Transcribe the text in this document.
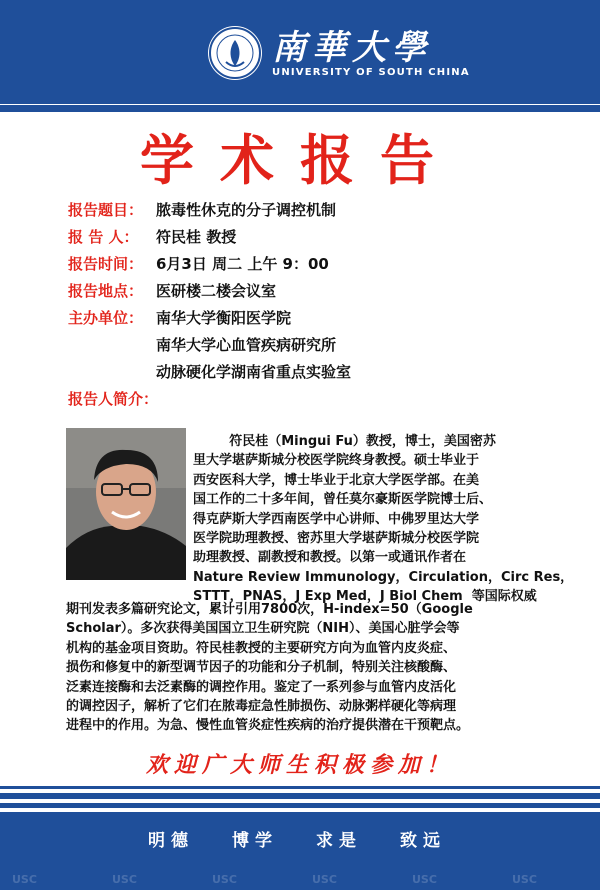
南華大學
UNIVERSITY OF SOUTH CHINA
学术报告
报告题目： 脓毒性休克的分子调控机制
报 告 人： 符民桂 教授
报告时间： 6月3日 周二 上午 9：00
报告地点： 医研楼二楼会议室
主办单位： 南华大学衡阳医学院
南华大学心血管疾病研究所
动脉硬化学湖南省重点实验室
报告人简介：
符民桂（Mingui Fu）教授，博士，美国密苏
里大学堪萨斯城分校医学院终身教授。硕士毕业于
西安医科大学，博士毕业于北京大学医学部。在美
国工作的二十多年间，曾任莫尔豪斯医学院博士后、
得克萨斯大学西南医学中心讲师、中佛罗里达大学
医学院助理教授、密苏里大学堪萨斯城分校医学院
助理教授、副教授和教授。以第一或通讯作者在
Nature Review Immunology，Circulation，Circ Res，
STTT，PNAS，J Exp Med，J Biol Chem  等国际权威
期刊发表多篇研究论文，累计引用7800次，H-index=50（Google
Scholar）。多次获得美国国立卫生研究院（NIH）、美国心脏学会等
机构的基金项目资助。符民桂教授的主要研究方向为血管内皮炎症、
损伤和修复中的新型调节因子的功能和分子机制，特别关注核酸酶、
泛素连接酶和去泛素酶的调控作用。鉴定了一系列参与血管内皮活化
的调控因子，解析了它们在脓毒症急性肺损伤、动脉粥样硬化等病理
进程中的作用。为急、慢性血管炎症性疾病的治疗提供潜在干预靶点。
欢迎广大师生积极参加！
USC	USC	USC	USC	USC	USC
明德 博学 求是 致远
